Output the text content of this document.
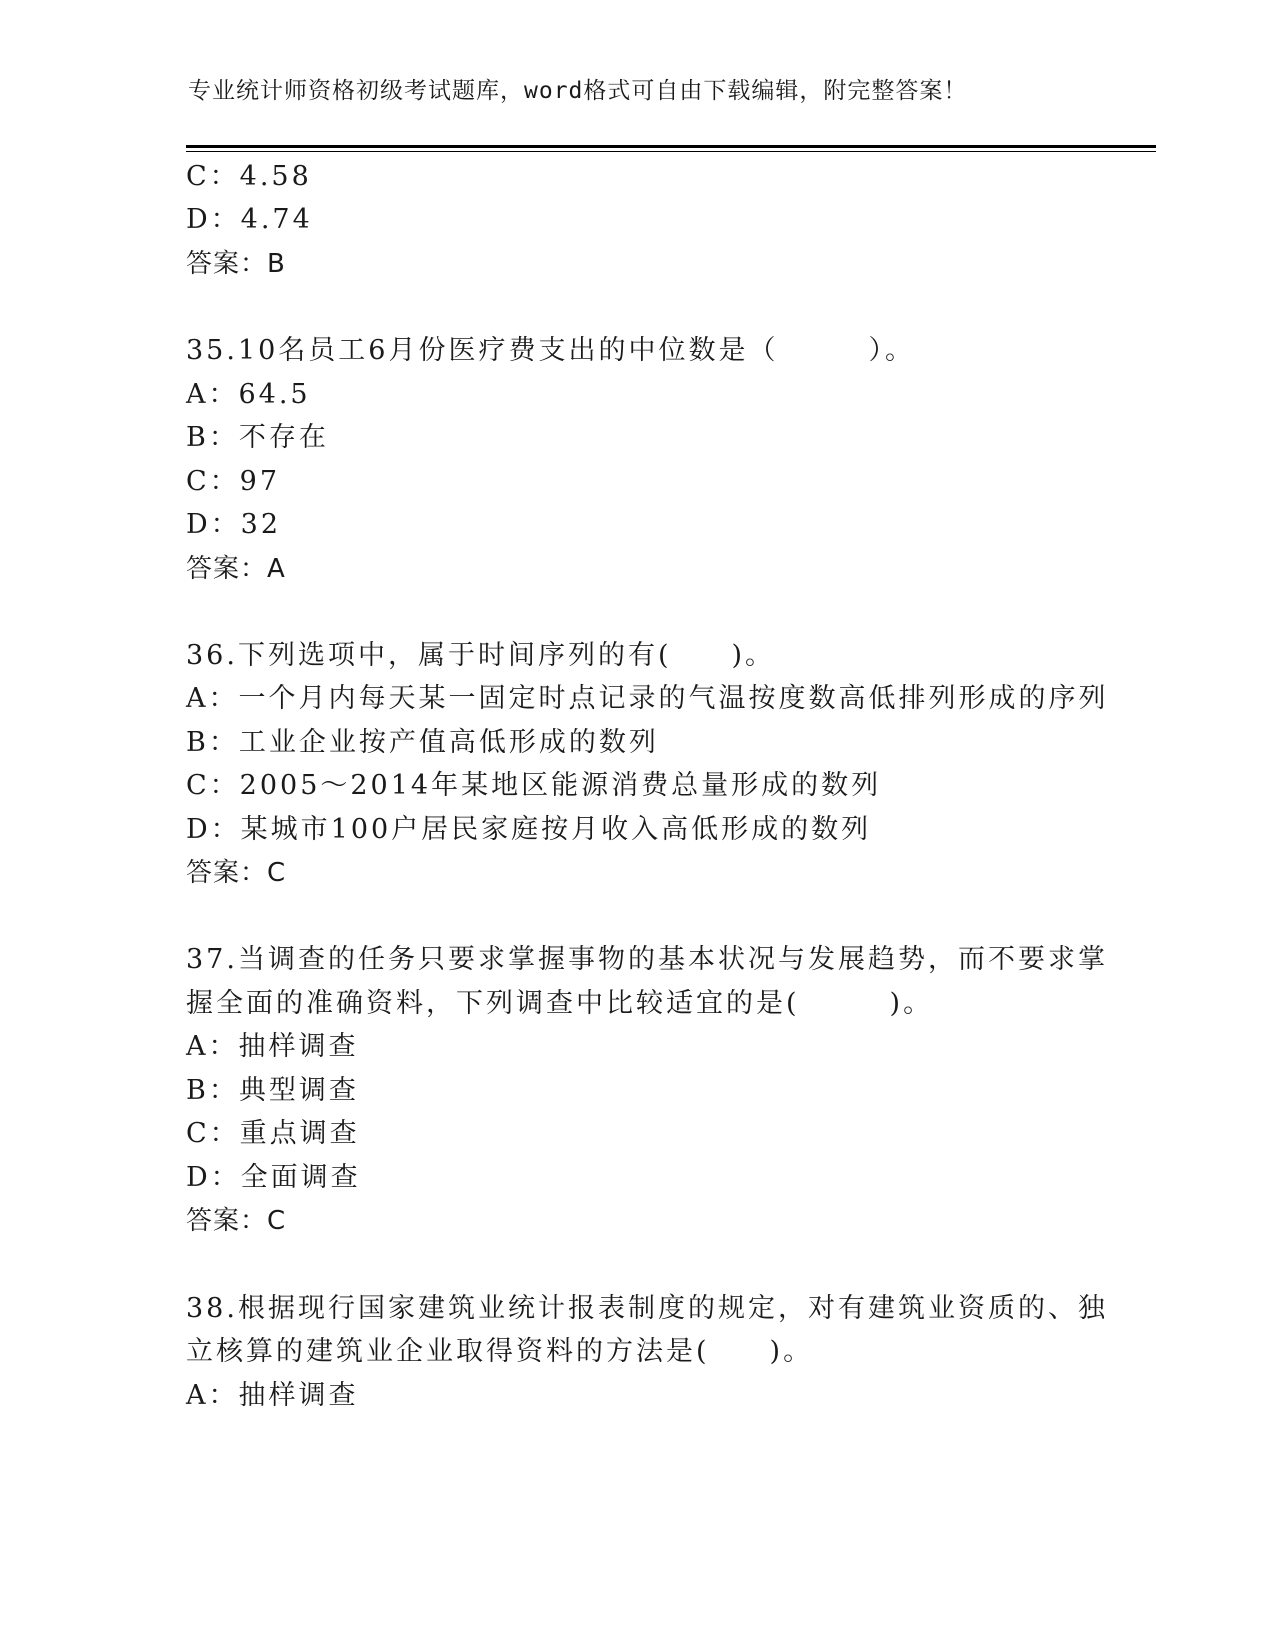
专业统计师资格初级考试题库，word格式可自由下载编辑，附完整答案！
C：4.58
D：4.74
答案：B
35.10名员工6月份医疗费支出的中位数是（　　　）。
A：64.5
B：不存在
C：97
D：32
答案：A
36.下列选项中，属于时间序列的有(　　)。
A：一个月内每天某一固定时点记录的气温按度数高低排列形成的序列
B：工业企业按产值高低形成的数列
C：2005～2014年某地区能源消费总量形成的数列
D：某城市100户居民家庭按月收入高低形成的数列
答案：C
37.当调查的任务只要求掌握事物的基本状况与发展趋势，而不要求掌
握全面的准确资料，下列调查中比较适宜的是(　　　)。
A：抽样调查
B：典型调查
C：重点调查
D：全面调查
答案：C
38.根据现行国家建筑业统计报表制度的规定，对有建筑业资质的、独
立核算的建筑业企业取得资料的方法是(　　)。
A：抽样调查
